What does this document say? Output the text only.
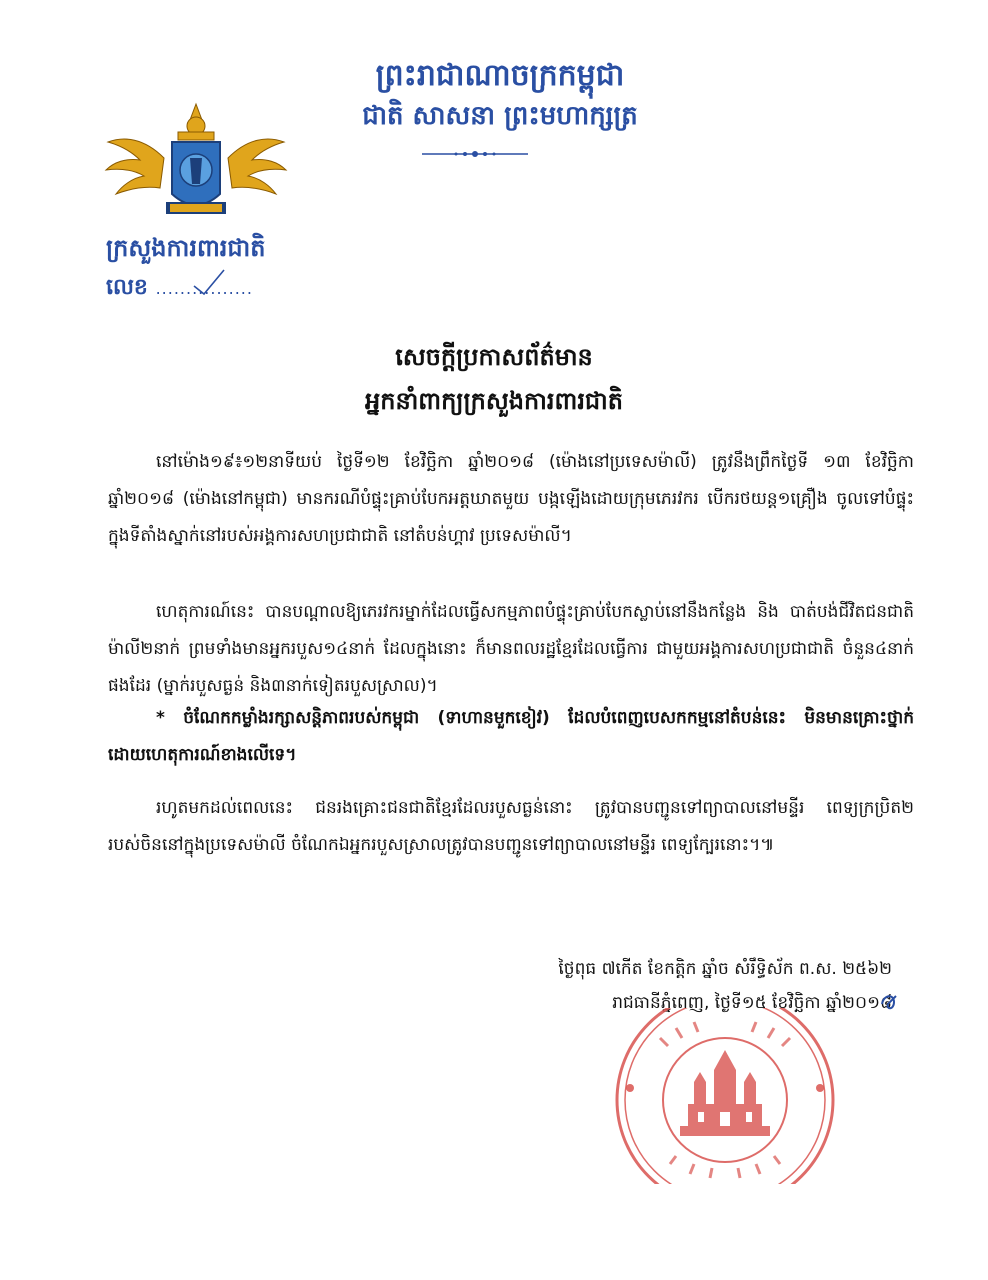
ព្រះរាជាណាចក្រកម្ពុជា
ជាតិ សាសនា ព្រះមហាក្សត្រ
ក្រសួងការពារជាតិ
លេខ ................
សេចក្តីប្រកាសព័ត៌មាន
អ្នកនាំពាក្យក្រសួងការពារជាតិ
នៅម៉ោង១៩៖១២នាទីយប់ ថ្ងៃទី១២ ខែវិច្ឆិកា ឆ្នាំ២០១៨ (ម៉ោងនៅប្រទេសម៉ាលី) ត្រូវនឹងព្រឹកថ្ងៃទី ១៣ ខែវិច្ឆិកា ឆ្នាំ២០១៨ (ម៉ោងនៅកម្ពុជា) មានករណីបំផ្ទុះគ្រាប់បែកអត្តឃាតមួយ បង្កឡើងដោយក្រុមភេរវករ បើករថយន្ត១គ្រឿង ចូលទៅបំផ្ទុះក្នុងទីតាំងស្នាក់នៅរបស់អង្គការសហប្រជាជាតិ នៅតំបន់ហ្គាវ ប្រទេសម៉ាលី។
ហេតុការណ៍នេះ បានបណ្តាលឱ្យភេរវករម្នាក់ដែលធ្វើសកម្មភាពបំផ្ទុះគ្រាប់បែកស្លាប់នៅនឹងកន្លែង និង បាត់បង់ជីវិតជនជាតិម៉ាលី២នាក់ ព្រមទាំងមានអ្នករបួស១៤នាក់ ដែលក្នុងនោះ ក៏មានពលរដ្ឋខ្មែរដែលធ្វើការ ជាមួយអង្គការសហប្រជាជាតិ ចំនួន៤នាក់ផងដែរ (ម្នាក់របួសធ្ងន់ និង៣នាក់ទៀតរបួសស្រាល)។
* ចំណែកកម្លាំងរក្សាសន្តិភាពរបស់កម្ពុជា (ទាហានមួកខៀវ) ដែលបំពេញបេសកកម្មនៅតំបន់នេះ មិនមានគ្រោះថ្នាក់ដោយហេតុការណ៍ខាងលើទេ។
រហូតមកដល់ពេលនេះ ជនរងគ្រោះជនជាតិខ្មែរដែលរបួសធ្ងន់នោះ ត្រូវបានបញ្ជូនទៅព្យាបាលនៅមន្ទីរ ពេទ្យក្របិ្រត២ របស់ចិននៅក្នុងប្រទេសម៉ាលី ចំណែកឯអ្នករបួសស្រាលត្រូវបានបញ្ជូនទៅព្យាបាលនៅមន្ទីរ ពេទ្យក្បែរនោះ។៕
ថ្ងៃពុធ ៧កើត ខែកត្តិក ឆ្នាំច សំរឹទ្ធិស័ក ព.ស. ២៥៦២
រាជធានីភ្នំពេញ, ថ្ងៃទី១៥ ខែវិច្ឆិកា ឆ្នាំ២០១៨
